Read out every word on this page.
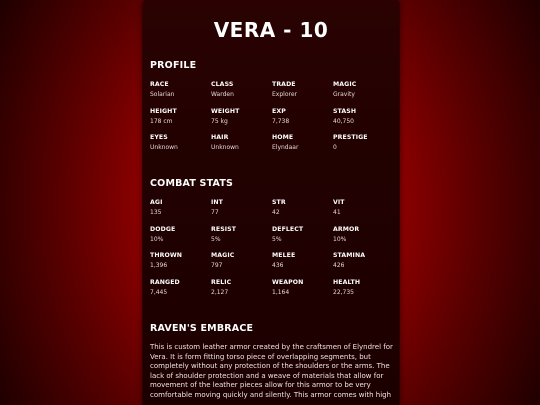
VERA - 10
PROFILE
RACE
Solarian
CLASS
Warden
TRADE
Explorer
MAGIC
Gravity
HEIGHT
178 cm
WEIGHT
75 kg
EXP
7,738
STASH
40,750
EYES
Unknown
HAIR
Unknown
HOME
Elyndaar
PRESTIGE
0
COMBAT STATS
AGI
135
INT
77
STR
42
VIT
41
DODGE
10%
RESIST
5%
DEFLECT
5%
ARMOR
10%
THROWN
1,396
MAGIC
797
MELEE
436
STAMINA
426
RANGED
7,445
RELIC
2,127
WEAPON
1,164
HEALTH
22,735
RAVEN'S EMBRACE

This is custom leather armor created by the craftsmen of Elyndrel for Vera. It is form fitting torso piece of overlapping segments, but completely without any protection of the shoulders or the arms. The lack of shoulder protection and a weave of materials that allow for movement of the leather pieces allow for this armor to be very comfortable moving quickly and silently. This armor comes with high
